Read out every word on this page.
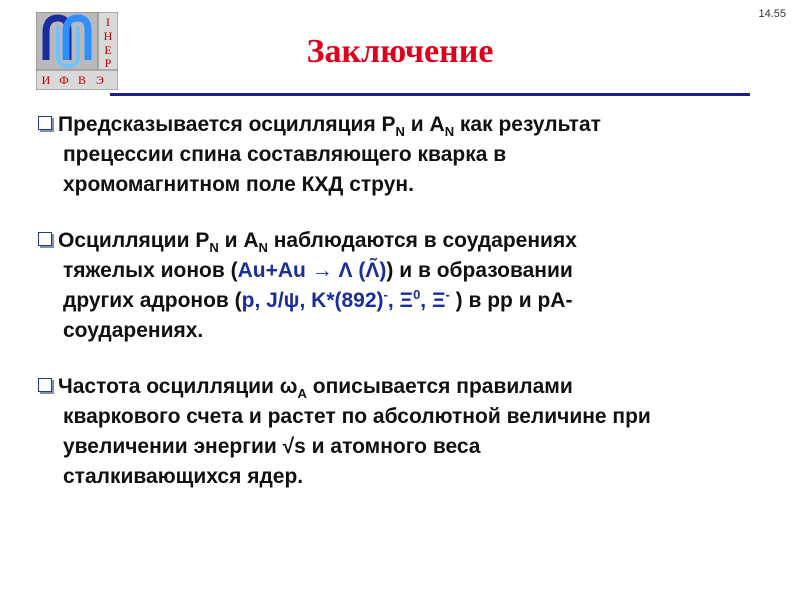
14.55
І
Н
Е
Р
И Ф В Э
Заключение
Предсказывается осцилляция $P_N$ и $A_N$ как результат
прецессии спина составляющего кварка в
хромомагнитном поле КХД струн.
Осцилляции $P_N$ и $A_N$ наблюдаются в соударениях
тяжелых ионов (Au+Au → Λ (Λ̃)) и в образовании
других адронов (p, J/ψ, K*(892)-, $\Xi^0$, Ξ- ) в pp и pA-
соударениях.
Частота осцилляции $\omega_A$ описывается правилами
кваркового счета и растет по абсолютной величине при
увеличении энергии √s и атомного веса
сталкивающихся ядер.
